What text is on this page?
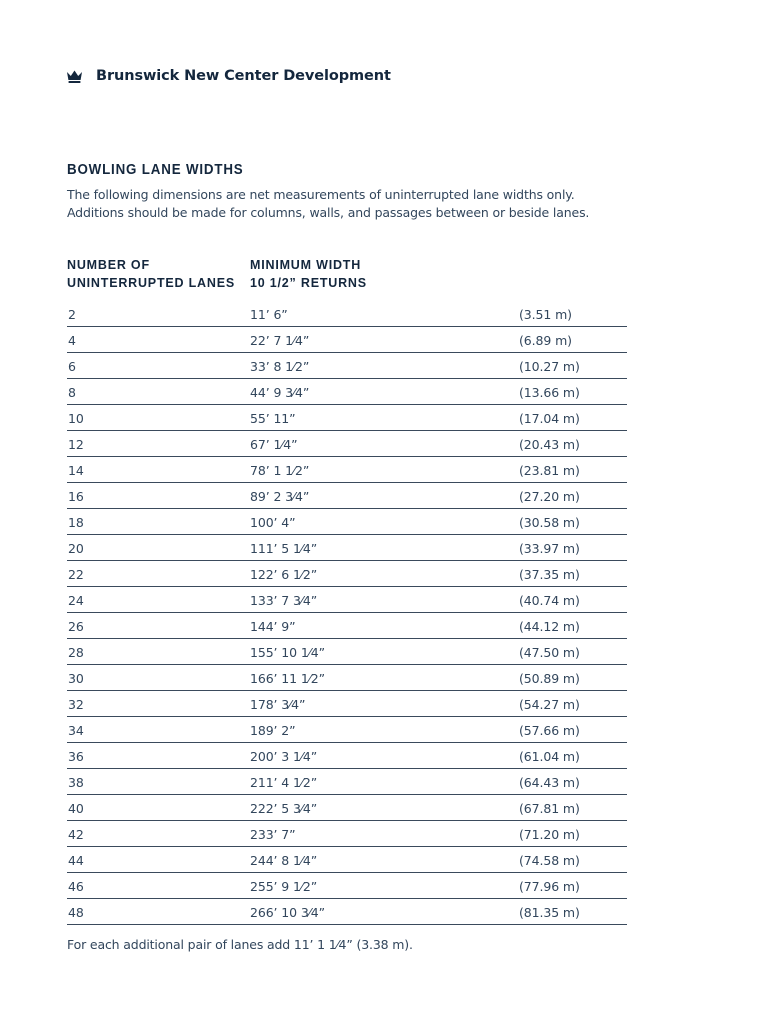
Brunswick New Center Development
BOWLING LANE WIDTHS

The following dimensions are net measurements of uninterrupted lane widths only.

Additions should be made for columns, walls, and passages between or beside lanes.

NUMBER OF
UNINTERRUPTED LANES
MINIMUM WIDTH
10 1/2” RETURNS
2	11’ 6”	(3.51 m)
4	22’ 7 1⁄4”	(6.89 m)
6	33’ 8 1⁄2”	(10.27 m)
8	44’ 9 3⁄4”	(13.66 m)
10	55’ 11”	(17.04 m)
12	67’ 1⁄4”	(20.43 m)
14	78’ 1 1⁄2”	(23.81 m)
16	89’ 2 3⁄4”	(27.20 m)
18	100’ 4”	(30.58 m)
20	111’ 5 1⁄4”	(33.97 m)
22	122’ 6 1⁄2”	(37.35 m)
24	133’ 7 3⁄4”	(40.74 m)
26	144’ 9”	(44.12 m)
28	155’ 10 1⁄4”	(47.50 m)
30	166’ 11 1⁄2”	(50.89 m)
32	178’ 3⁄4”	(54.27 m)
34	189’ 2”	(57.66 m)
36	200’ 3 1⁄4”	(61.04 m)
38	211’ 4 1⁄2”	(64.43 m)
40	222’ 5 3⁄4”	(67.81 m)
42	233’ 7”	(71.20 m)
44	244’ 8 1⁄4”	(74.58 m)
46	255’ 9 1⁄2”	(77.96 m)
48	266’ 10 3⁄4”	(81.35 m)
For each additional pair of lanes add 11’ 1 1⁄4” (3.38 m).
